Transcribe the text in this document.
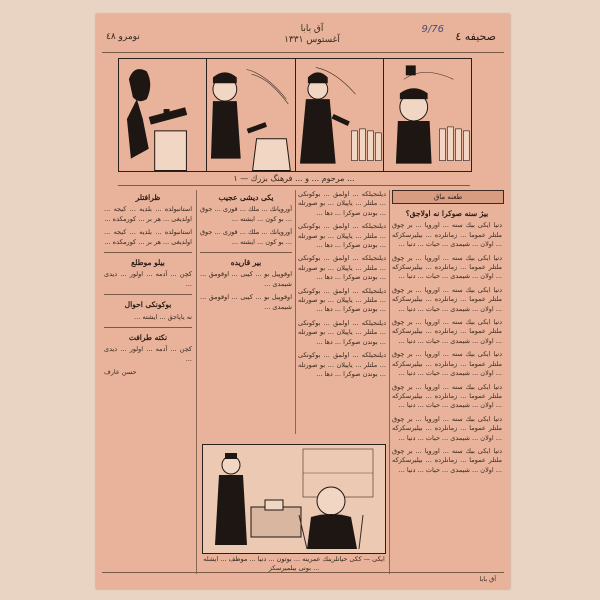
نومرو ٤٨
آق بابا
آغستوس ۱۳۳۱
9/76
صحیفه ٤
۱ — مرحوم ... و ... فرهنگ بزرك ...
طعنه ماق
بیژ سنه صوکرا نه اولاجق؟

دنیا ایکی بیك سنه ... اوروپا ... بر چوق ملتلر عموما ... زمانلرده ... بیلیرسکزکه ... اولان ... شیمدی ... حیات ... دنیا ...

دنیا ایکی بیك سنه ... اوروپا ... بر چوق ملتلر عموما ... زمانلرده ... بیلیرسکزکه ... اولان ... شیمدی ... حیات ... دنیا ...

دنیا ایکی بیك سنه ... اوروپا ... بر چوق ملتلر عموما ... زمانلرده ... بیلیرسکزکه ... اولان ... شیمدی ... حیات ... دنیا ...

دنیا ایکی بیك سنه ... اوروپا ... بر چوق ملتلر عموما ... زمانلرده ... بیلیرسکزکه ... اولان ... شیمدی ... حیات ... دنیا ...

دنیا ایکی بیك سنه ... اوروپا ... بر چوق ملتلر عموما ... زمانلرده ... بیلیرسکزکه ... اولان ... شیمدی ... حیات ... دنیا ...

دنیا ایکی بیك سنه ... اوروپا ... بر چوق ملتلر عموما ... زمانلرده ... بیلیرسکزکه ... اولان ... شیمدی ... حیات ... دنیا ...

دنیا ایکی بیك سنه ... اوروپا ... بر چوق ملتلر عموما ... زمانلرده ... بیلیرسکزکه ... اولان ... شیمدی ... حیات ... دنیا ...

دنیا ایکی بیك سنه ... اوروپا ... بر چوق ملتلر عموما ... زمانلرده ... بیلیرسکزکه ... اولان ... شیمدی ... حیات ... دنیا ...

دیلنجیلکه ... اولمق ... بوکونکی ... ملتلر ... یاپیلان ... بو صورتله ... بوندن صوکرا ... دها ...

دیلنجیلکه ... اولمق ... بوکونکی ... ملتلر ... یاپیلان ... بو صورتله ... بوندن صوکرا ... دها ...

دیلنجیلکه ... اولمق ... بوکونکی ... ملتلر ... یاپیلان ... بو صورتله ... بوندن صوکرا ... دها ...

دیلنجیلکه ... اولمق ... بوکونکی ... ملتلر ... یاپیلان ... بو صورتله ... بوندن صوکرا ... دها ...

دیلنجیلکه ... اولمق ... بوکونکی ... ملتلر ... یاپیلان ... بو صورتله ... بوندن صوکرا ... دها ...

دیلنجیلکه ... اولمق ... بوکونکی ... ملتلر ... یاپیلان ... بو صورتله ... بوندن صوکرا ... دها ...

یکی دیشی عجیب

آوروپانك ... ملك ... قوزی ... جوق ... بو کون ... ایشته ...

آوروپانك ... ملك ... قوزی ... جوق ... بو کون ... ایشته ...

بیر قاریده

اوقوپیل بو ... کیبی ... اوقومق ... شیمدی ...

اوقوپیل بو ... کیبی ... اوقومق ... شیمدی ...

ظرافتلر

استانبولده ... بلدیه ... کیجه ... اولدیغی ... هر بر ... کورمکده ...

استانبولده ... بلدیه ... کیجه ... اولدیغی ... هر بر ... کورمکده ...

بیلو موطلع

کچن ... آدمه ... اولور ... دیدی ...

بوکونکی احوال

نه یاپاجق ... ایشته ...

نکته طرافت

کچن ... آدمه ... اولور ... دیدی ...

حسن عارف

ایکی — ککی حیاتلرینك عمرینه ... بوتون ... دنیا ... موظف ... ایشله بونی بیلمیرسکز ...
آق بابا
